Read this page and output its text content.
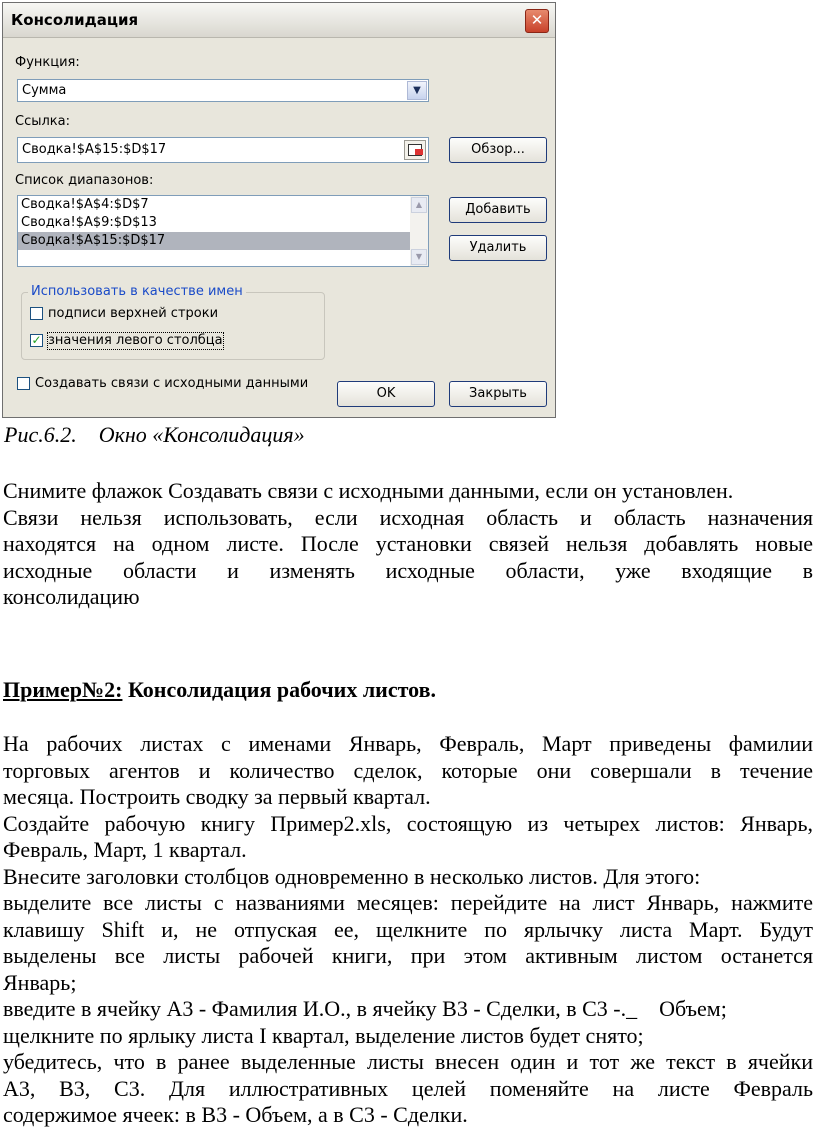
Консолидация	✕
Функция:
Сумма	▼
Ссылка:
Сводка!$A$15:$D$17	Обзор...
Список диапазонов:
Сводка!$A$4:$D$7
Сводка!$A$9:$D$13
Сводка!$A$15:$D$17
▲
▼
Добавить
Удалить
Использовать в качестве имен
подписи верхней строки
✓ значения левого столбца
Создавать связи с исходными данными
OK	Закрыть
Рис.6.2.    Окно «Консолидация»
Снимите флажок Создавать связи с исходными данными, если он установлен.
Связи нельзя использовать, если исходная область и область назначения
находятся на одном листе. После установки связей нельзя добавлять новые
исходные области и изменять исходные области, уже входящие в
консолидацию
Пример№2: Консолидация рабочих листов.
На рабочих листах с именами Январь, Февраль, Март приведены фамилии
торговых агентов и количество сделок, которые они совершали в течение
месяца. Построить сводку за первый квартал.
Создайте рабочую книгу Пример2.xls, состоящую из четырех листов: Январь,
Февраль, Март, 1 квартал.
Внесите заголовки столбцов одновременно в несколько листов. Для этого:
выделите все листы с названиями месяцев: перейдите на лист Январь, нажмите
клавишу Shift и, не отпуская ее, щелкните по ярлычку листа Март. Будут
выделены все листы рабочей книги, при этом активным листом останется
Январь;
введите в ячейку А3 - Фамилия И.О., в ячейку В3 - Сделки, в С3 -._    Объем;
щелкните по ярлыку листа I квартал, выделение листов будет снято;
убедитесь, что в ранее выделенные листы внесен один и тот же текст в ячейки
А3, В3, С3. Для иллюстративных целей поменяйте на листе Февраль
содержимое ячеек: в В3 - Объем, а в С3 - Сделки.
